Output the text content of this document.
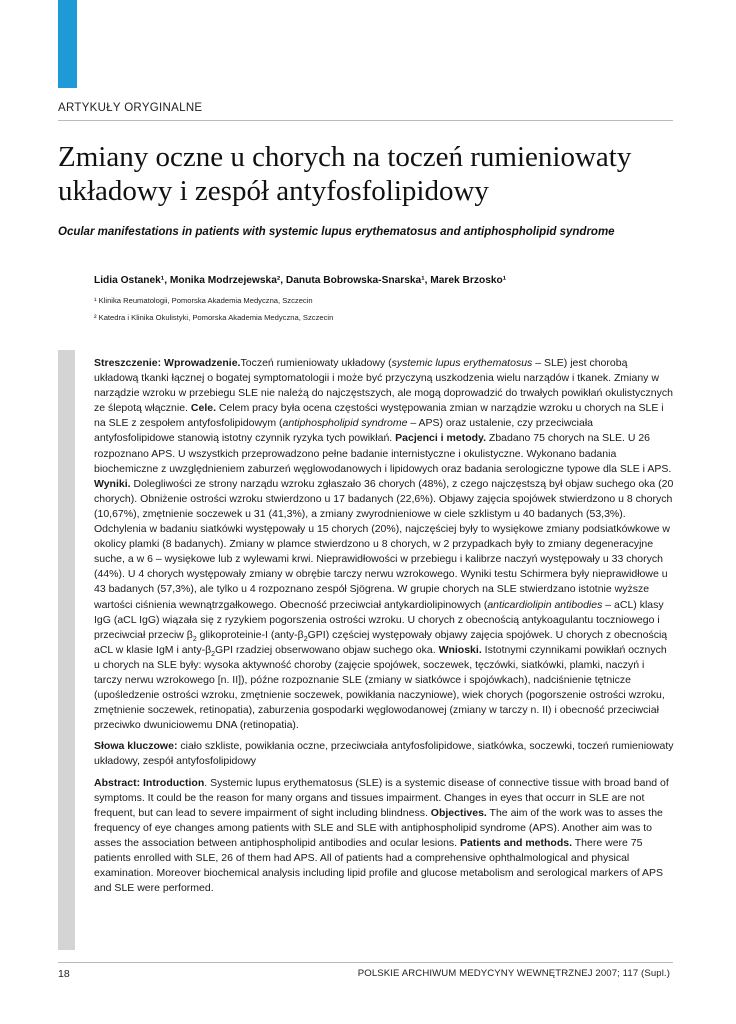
ARTYKUŁY ORYGINALNE
Zmiany oczne u chorych na toczeń rumieniowaty
układowy i zespół antyfosfolipidowy
Ocular manifestations in patients with systemic lupus erythematosus and antiphospholipid syndrome
Lidia Ostanek¹, Monika Modrzejewska², Danuta Bobrowska-Snarska¹, Marek Brzosko¹
¹ Klinika Reumatologii, Pomorska Akademia Medyczna, Szczecin
² Katedra i Klinika Okulistyki, Pomorska Akademia Medyczna, Szczecin

Streszczenie: Wprowadzenie.Toczeń rumieniowaty układowy (systemic lupus erythematosus – SLE) jest chorobą układową tkanki łącznej o bogatej symptomatologii i może być przyczyną uszkodzenia wielu narządów i tkanek. Zmiany w narządzie wzroku w przebiegu SLE nie należą do najczęstszych, ale mogą doprowadzić do trwałych powikłań okulistycznych ze ślepotą włącznie. Cele. Celem pracy była ocena częstości występowania zmian w narządzie wzroku u chorych na SLE i na SLE z zespołem antyfosfolipidowym (antiphospholipid syndrome – APS) oraz ustalenie, czy przeciwciała antyfosfolipidowe stanowią istotny czynnik ryzyka tych powikłań. Pacjenci i metody. Zbadano 75 chorych na SLE. U 26 rozpoznano APS. U wszystkich przeprowadzono pełne badanie internistyczne i okulistyczne. Wykonano badania biochemiczne z uwzględnieniem zaburzeń węglowodanowych i lipidowych oraz badania serologiczne typowe dla SLE i APS. Wyniki. Dolegliwości ze strony narządu wzroku zgłaszało 36 chorych (48%), z czego najczęstszą był objaw suchego oka (20 chorych). Obniżenie ostrości wzroku stwierdzono u 17 badanych (22,6%). Objawy zajęcia spojówek stwierdzono u 8 chorych (10,67%), zmętnienie soczewek u 31 (41,3%), a zmiany zwyrodnieniowe w ciele szklistym u 40 badanych (53,3%). Odchylenia w badaniu siatkówki występowały u 15 chorych (20%), najczęściej były to wysiękowe zmiany podsiatkówkowe w okolicy plamki (8 badanych). Zmiany w plamce stwierdzono u 8 chorych, w 2 przypadkach były to zmiany degeneracyjne suche, a w 6 – wysiękowe lub z wylewami krwi. Nieprawidłowości w przebiegu i kalibrze naczyń występowały u 33 chorych (44%). U 4 chorych występowały zmiany w obrębie tarczy nerwu wzrokowego. Wyniki testu Schirmera były nieprawidłowe u 43 badanych (57,3%), ale tylko u 4 rozpoznano zespół Sjögrena. W grupie chorych na SLE stwierdzano istotnie wyższe wartości ciśnienia wewnątrzgałkowego. Obecność przeciwciał antykardiolipinowych (anticardiolipin antibodies – aCL) klasy IgG (aCL IgG) wiązała się z ryzykiem pogorszenia ostrości wzroku. U chorych z obecnością antykoagulantu toczniowego i przeciwciał przeciw $\beta_2$ glikoproteinie-I $(anty-\beta_2GPI)$ częściej występowały objawy zajęcia spojówek. U chorych z obecnością aCL w klasie IgM i anty-$\beta_2GPI$ rzadziej obserwowano objaw suchego oka. Wnioski. Istotnymi czynnikami powikłań ocznych u chorych na SLE były: wysoka aktywność choroby (zajęcie spojówek, soczewek, tęczówki, siatkówki, plamki, naczyń i tarczy nerwu wzrokowego [n. II]), późne rozpoznanie SLE (zmiany w siatkówce i spojówkach), nadciśnienie tętnicze (upośledzenie ostrości wzroku, zmętnienie soczewek, powikłania naczyniowe), wiek chorych (pogorszenie ostrości wzroku, zmętnienie soczewek, retinopatia), zaburzenia gospodarki węglowodanowej (zmiany w tarczy n. II) i obecność przeciwciał przeciwko dwuniciowemu DNA (retinopatia).

Słowa kluczowe: ciało szkliste, powikłania oczne, przeciwciała antyfosfolipidowe, siatkówka, soczewki, toczeń rumieniowaty układowy, zespół antyfosfolipidowy

Abstract: Introduction. Systemic lupus erythematosus (SLE) is a systemic disease of connective tissue with broad band of symptoms. It could be the reason for many organs and tissues impairment. Changes in eyes that occurr in SLE are not frequent, but can lead to severe impairment of sight including blindness. Objectives. The aim of the work was to asses the frequency of eye changes among patients with SLE and SLE with antiphospholipid syndrome (APS). Another aim was to asses the association between antiphospholipid antibodies and ocular lesions. Patients and methods. There were 75 patients enrolled with SLE, 26 of them had APS. All of patients had a comprehensive ophthalmological and physical examination. Moreover biochemical analysis including lipid profile and glucose metabolism and serological markers of APS and SLE were performed.

18	POLSKIE ARCHIWUM MEDYCYNY WEWNĘTRZNEJ 2007; 117 (Supl.)
